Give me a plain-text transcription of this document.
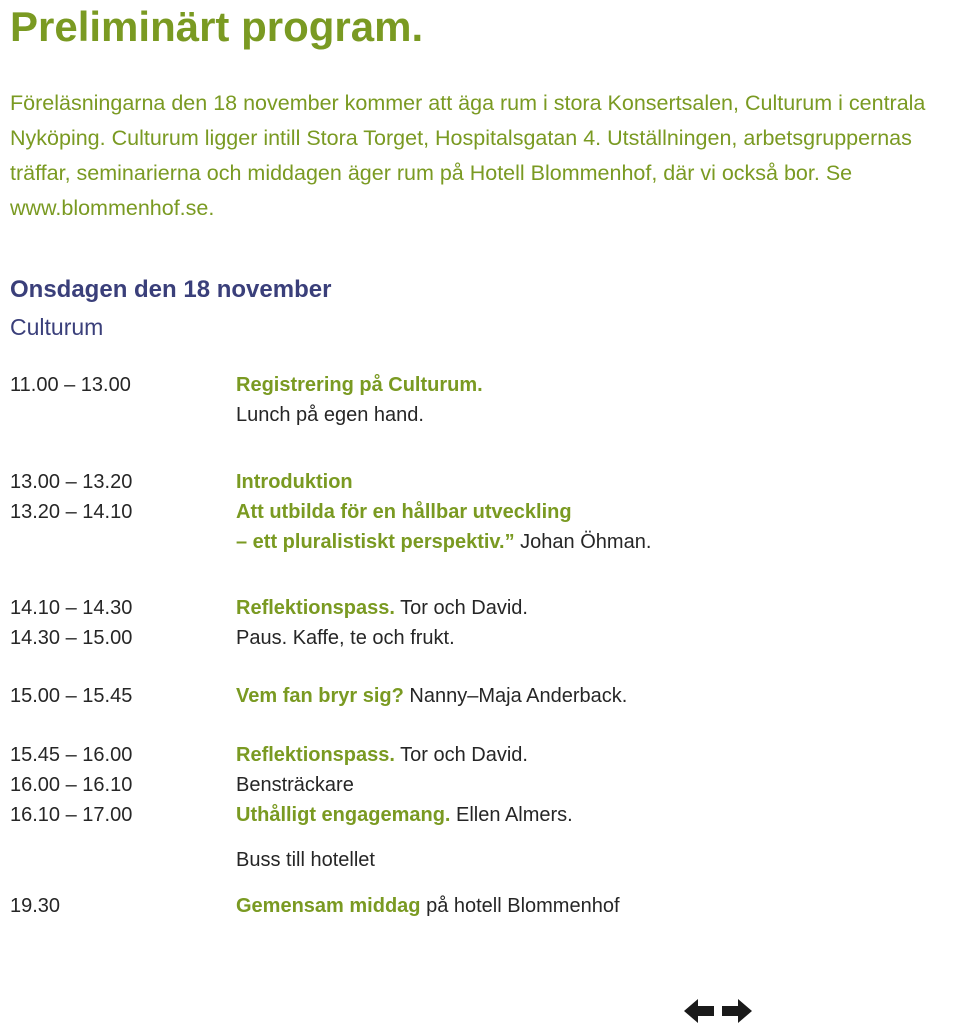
Preliminärt program.

Föreläsningarna den 18 november kommer att äga rum i stora Konsertsalen, Culturum i centrala Nyköping. Culturum ligger intill Stora Torget, Hospitalsgatan 4. Utställningen, arbetsgruppernas träffar, seminarierna och middagen äger rum på Hotell Blommenhof, där vi också bor. Se www.blommenhof.se.

Onsdagen den 18 november
Culturum
11.00 – 13.00	Registrering på Culturum.
Lunch på egen hand.
13.00 – 13.20	Introduktion
13.20 – 14.10	Att utbilda för en hållbar utveckling
– ett pluralistiskt perspektiv.” Johan Öhman.
14.10 – 14.30	Reflektionspass. Tor och David.
14.30 – 15.00	Paus. Kaffe, te och frukt.
15.00 – 15.45	Vem fan bryr sig? Nanny–Maja Anderback.
15.45 – 16.00	Reflektionspass. Tor och David.
16.00 – 16.10	Bensträckare
16.10 – 17.00	Uthålligt engagemang. Ellen Almers.
Buss till hotellet
19.30	Gemensam middag på hotell Blommenhof
